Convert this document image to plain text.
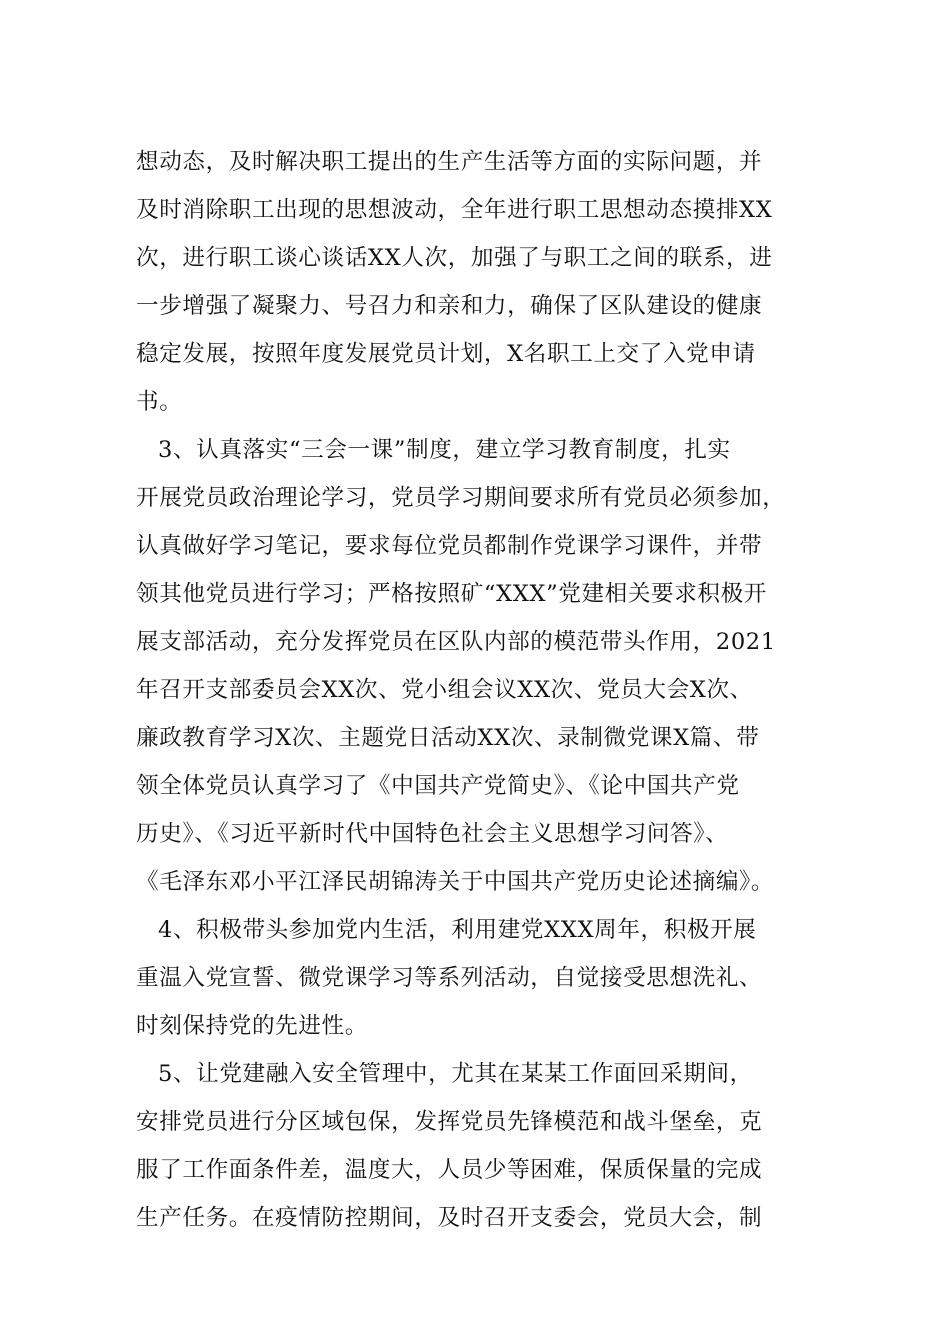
想动态，及时解决职工提出的生产生活等方面的实际问题，并
及时消除职工出现的思想波动，全年进行职工思想动态摸排XX
次，进行职工谈心谈话XX人次，加强了与职工之间的联系，进
一步增强了凝聚力、号召力和亲和力，确保了区队建设的健康
稳定发展，按照年度发展党员计划，X名职工上交了入党申请
书。
3、认真落实“三会一课”制度，建立学习教育制度，扎实
开展党员政治理论学习，党员学习期间要求所有党员必须参加，
认真做好学习笔记，要求每位党员都制作党课学习课件，并带
领其他党员进行学习；严格按照矿“XXX”党建相关要求积极开
展支部活动，充分发挥党员在区队内部的模范带头作用，2021
年召开支部委员会XX次、党小组会议XX次、党员大会X次、
廉政教育学习X次、主题党日活动XX次、录制微党课X篇、带
领全体党员认真学习了《中国共产党简史》、《论中国共产党
历史》、《习近平新时代中国特色社会主义思想学习问答》、
《毛泽东邓小平江泽民胡锦涛关于中国共产党历史论述摘编》。
4、积极带头参加党内生活，利用建党XXX周年，积极开展
重温入党宣誓、微党课学习等系列活动，自觉接受思想洗礼、
时刻保持党的先进性。
5、让党建融入安全管理中，尤其在某某工作面回采期间，
安排党员进行分区域包保，发挥党员先锋模范和战斗堡垒，克
服了工作面条件差，温度大，人员少等困难，保质保量的完成
生产任务。在疫情防控期间，及时召开支委会，党员大会，制
